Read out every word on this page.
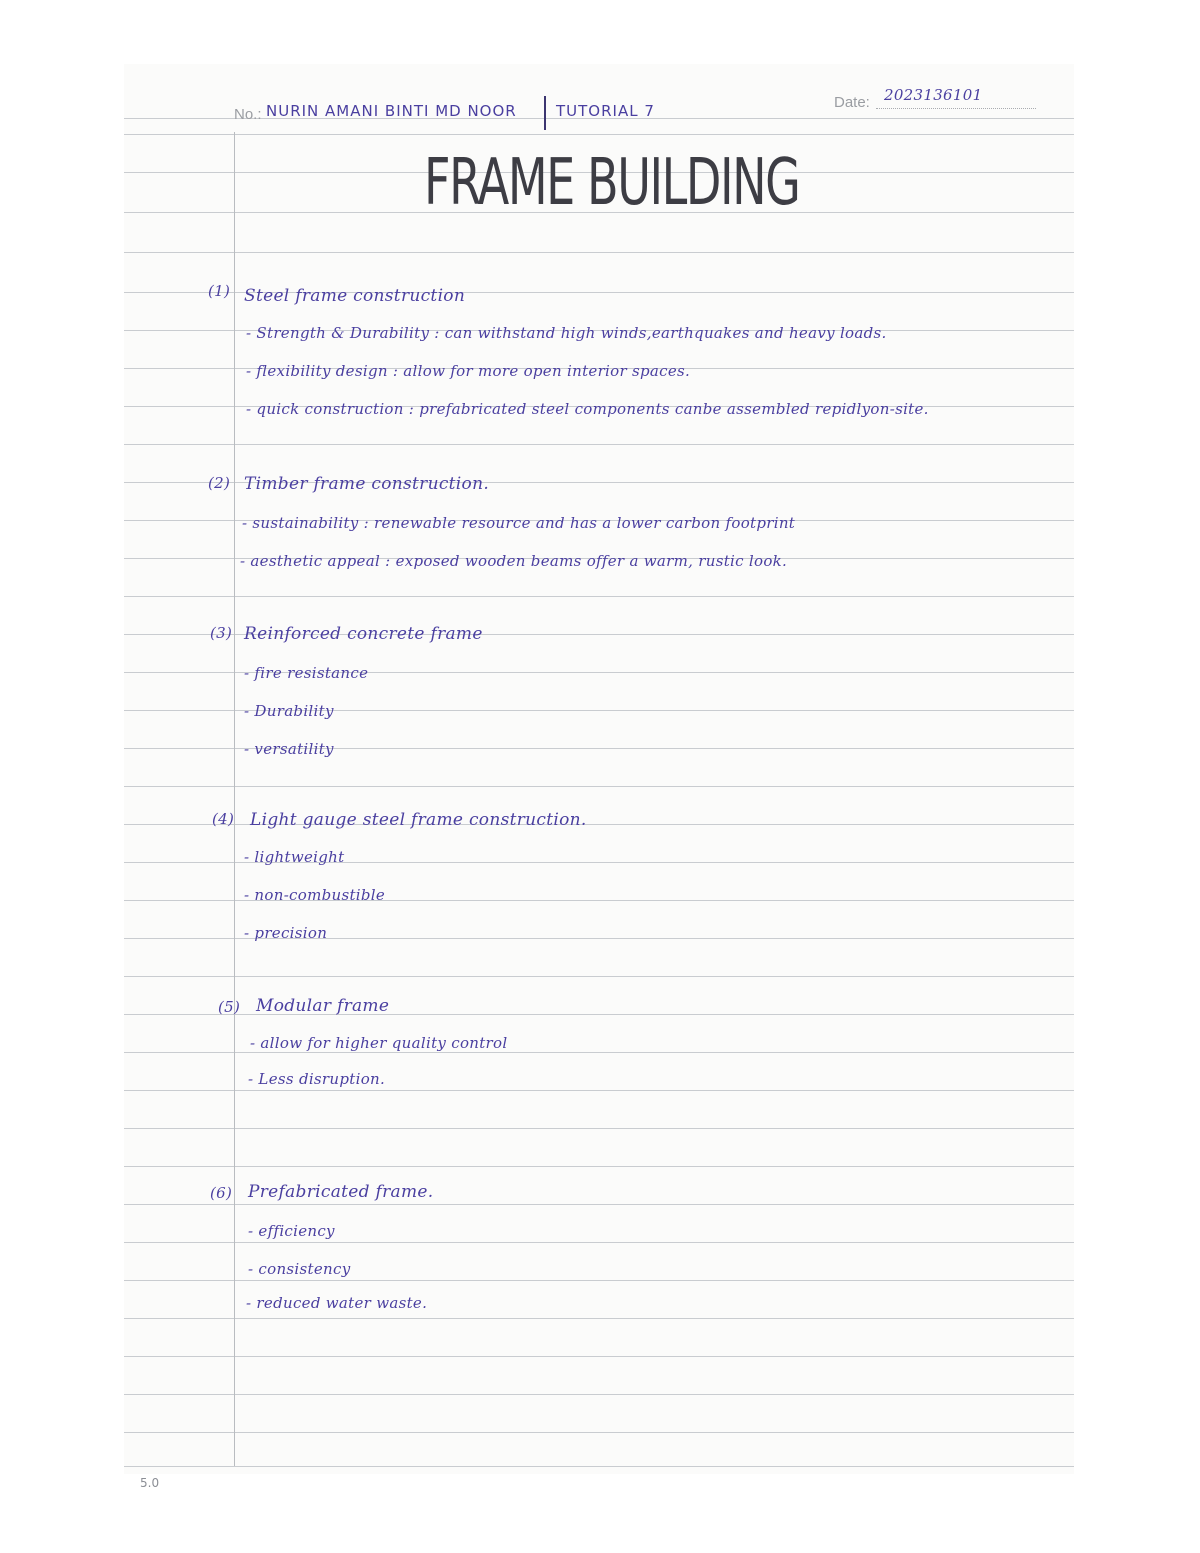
No.: NURIN AMANI BINTI MD NOOR	TUTORIAL 7	Date: 2023136101
FRAME BUILDING
(1) Steel frame construction
- Strength & Durability : can withstand high winds,earthquakes and heavy loads.
- flexibility design : allow for more open interior spaces.
- quick construction : prefabricated steel components canbe assembled repidlyon-site.
(2) Timber frame construction.
- sustainability : renewable resource and has a lower carbon footprint
- aesthetic appeal : exposed wooden beams offer a warm, rustic look.
(3) Reinforced concrete frame
- fire resistance
- Durability
- versatility
(4) Light gauge steel frame construction.
- lightweight
- non-combustible
- precision
(5) Modular frame
- allow for higher quality control
- Less disruption.
(6) Prefabricated frame.
- efficiency
- consistency
- reduced water waste.
5.0
